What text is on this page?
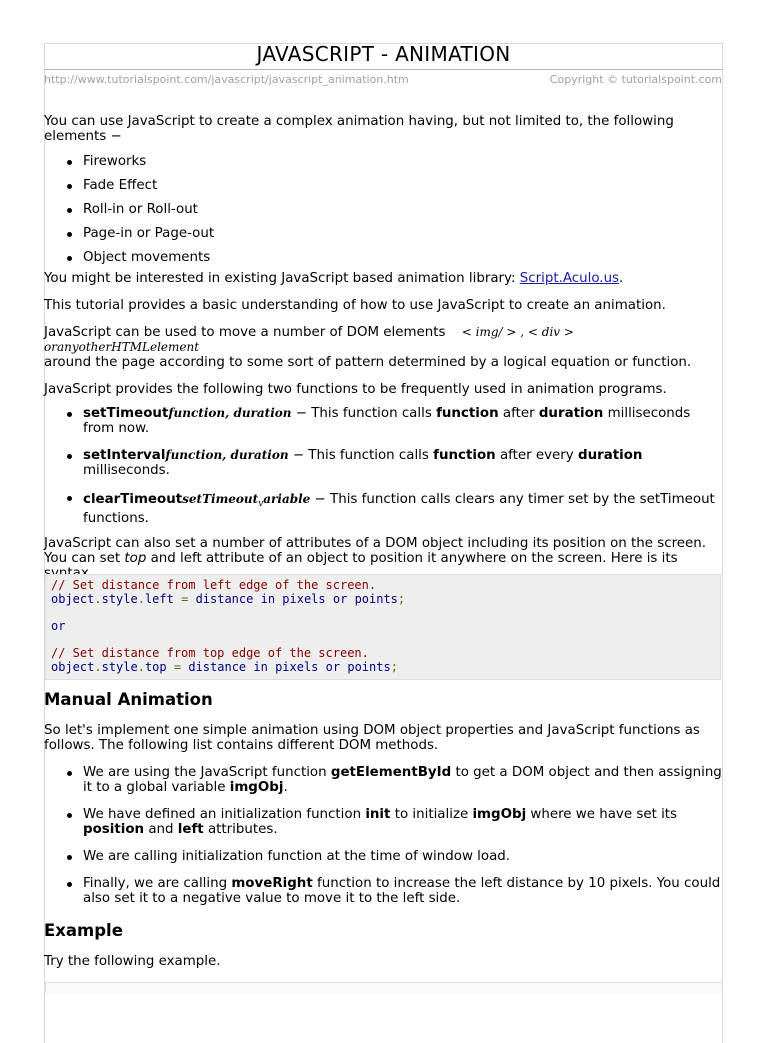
JAVASCRIPT - ANIMATION
http://www.tutorialspoint.com/javascript/javascript_animation.htm	Copyright © tutorialspoint.com

You can use JavaScript to create a complex animation having, but not limited to, the following elements −

Fireworks
Fade Effect
Roll-in or Roll-out
Page-in or Page-out
Object movements

You might be interested in existing JavaScript based animation library: Script.Aculo.us.

This tutorial provides a basic understanding of how to use JavaScript to create an animation.

JavaScript can be used to move a number of DOM elements < img/ > , < div > oranyotherHTMLelement
around the page according to some sort of pattern determined by a logical equation or function.

JavaScript provides the following two functions to be frequently used in animation programs.

setTimeoutfunction, duration − This function calls function after duration milliseconds from now.
setIntervalfunction, duration − This function calls function after every duration milliseconds.
clearTimeoutsetTimeout$_v$ariable − This function calls clears any timer set by the setTimeout functions.

JavaScript can also set a number of attributes of a DOM object including its position on the screen. You can set top and left attribute of an object to position it anywhere on the screen. Here is its

// Set distance from left edge of the screen.
object.style.left = distance in pixels or points;

or

// Set distance from top edge of the screen.
object.style.top = distance in pixels or points;
Manual Animation

So let's implement one simple animation using DOM object properties and JavaScript functions as follows. The following list contains different DOM methods.

We are using the JavaScript function getElementById to get a DOM object and then assigning it to a global variable imgObj.
We have defined an initialization function init to initialize imgObj where we have set its position and left attributes.
We are calling initialization function at the time of window load.
Finally, we are calling moveRight function to increase the left distance by 10 pixels. You could also set it to a negative value to move it to the left side.
Example

Try the following example.
